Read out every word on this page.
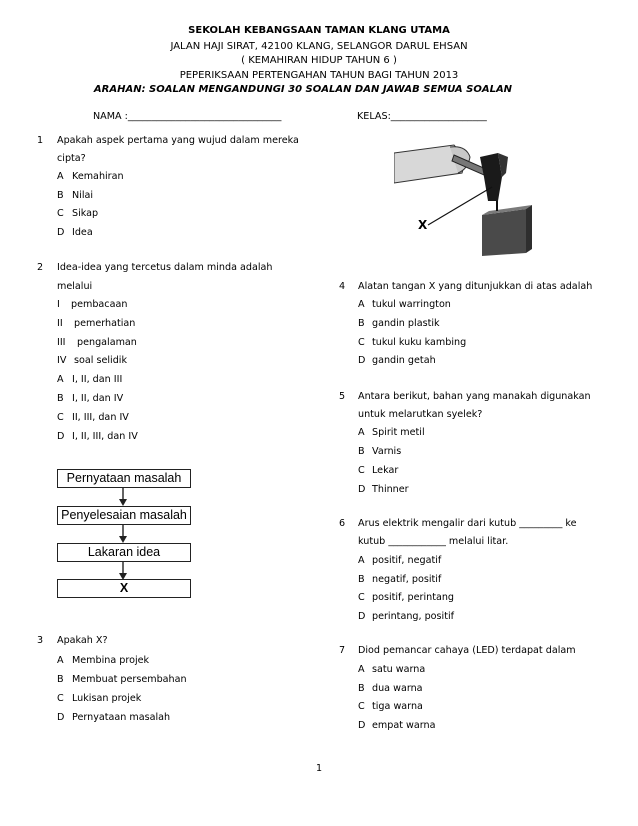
SEKOLAH KEBANGSAAN TAMAN KLANG UTAMA
JALAN HAJI SIRAT, 42100 KLANG, SELANGOR DARUL EHSAN
( KEMAHIRAN HIDUP TAHUN 6 )
PEPERIKSAAN PERTENGAHAN TAHUN BAGI TAHUN 2013
ARAHAN: SOALAN MENGANDUNGI 30 SOALAN DAN JAWAB SEMUA SOALAN
NAMA :________________________________	KELAS:____________________
1 Apakah aspek pertama yang wujud dalam mereka
cipta?
A Kemahiran
B Nilai
C Sikap
D Idea
2 Idea-idea yang tercetus dalam minda adalah
melalui
I pembacaan
II pemerhatian
III pengalaman
IV soal selidik
A I, II, dan III
B I, II, dan IV
C II, III, dan IV
D I, II, III, dan IV
Pernyataan masalah
Penyelesaian masalah
Lakaran idea
X
3 Apakah X?
A Membina projek
B Membuat persembahan
C Lukisan projek
D Pernyataan masalah
X
4 Alatan tangan X yang ditunjukkan di atas adalah
A tukul warrington
B gandin plastik
C tukul kuku kambing
D gandin getah
5 Antara berikut, bahan yang manakah digunakan
untuk melarutkan syelek?
A Spirit metil
B Varnis
C Lekar
D Thinner
6 Arus elektrik mengalir dari kutub _________ ke
kutub ____________ melalui litar.
A positif, negatif
B negatif, positif
C positif, perintang
D perintang, positif
7 Diod pemancar cahaya (LED) terdapat dalam
A satu warna
B dua warna
C tiga warna
D empat warna
1
